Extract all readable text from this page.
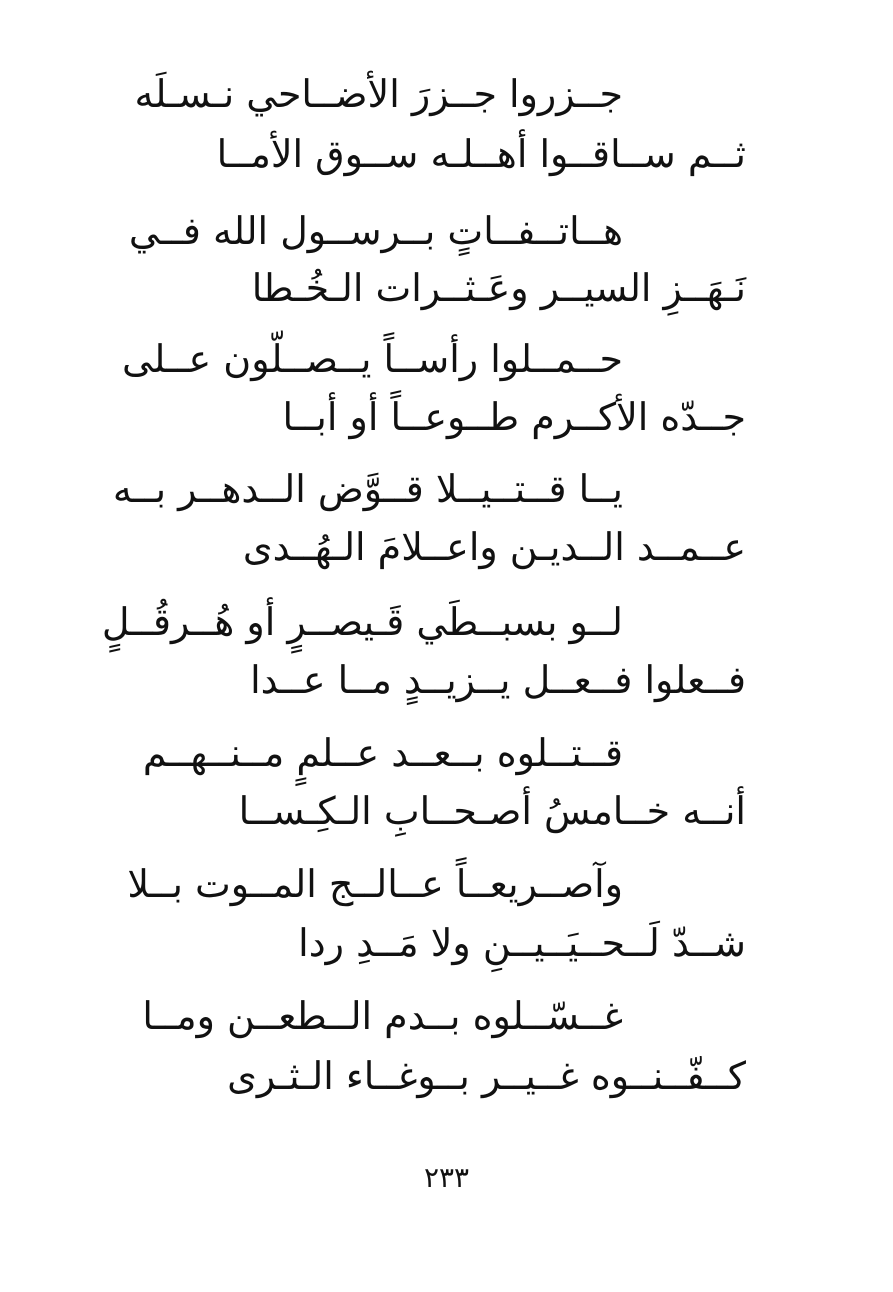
جــزروا جــزرَ الأضــاحي نـسـلَه
ثــم ســاقــوا أهــلـه ســوق الأمــا
هــاتــفــاتٍ بــرســول الله فــي
نَـهَــزِ السيــر وعَـثــرات الـخُـطا
حــمــلوا رأســاً يــصــلّون عــلى
جــدّه الأكــرم طــوعــاً أو أبــا
يــا قــتــيــلا قــوَّض الــدهــر بــه
عــمــد الــديـن واعــلامَ الـهُــدى
لــو بسبــطَي قَـيصــرٍ أو هُــرقُــلٍ
فــعلوا فــعــل يــزيــدٍ مــا عــدا
قــتــلوه بــعــد عــلمٍ مــنــهــم
أنــه خــامسُ أصـحــابِ الـكِـســا
وآصــريعــاً عــالــج المــوت بــلا
شــدّ لَــحــيَــيــنِ ولا مَــدِ ردا
غــسّــلوه بــدم الــطعــن ومــا
كــفّــنــوه غــيــر بــوغــاء الـثـرى
٢٣٣
